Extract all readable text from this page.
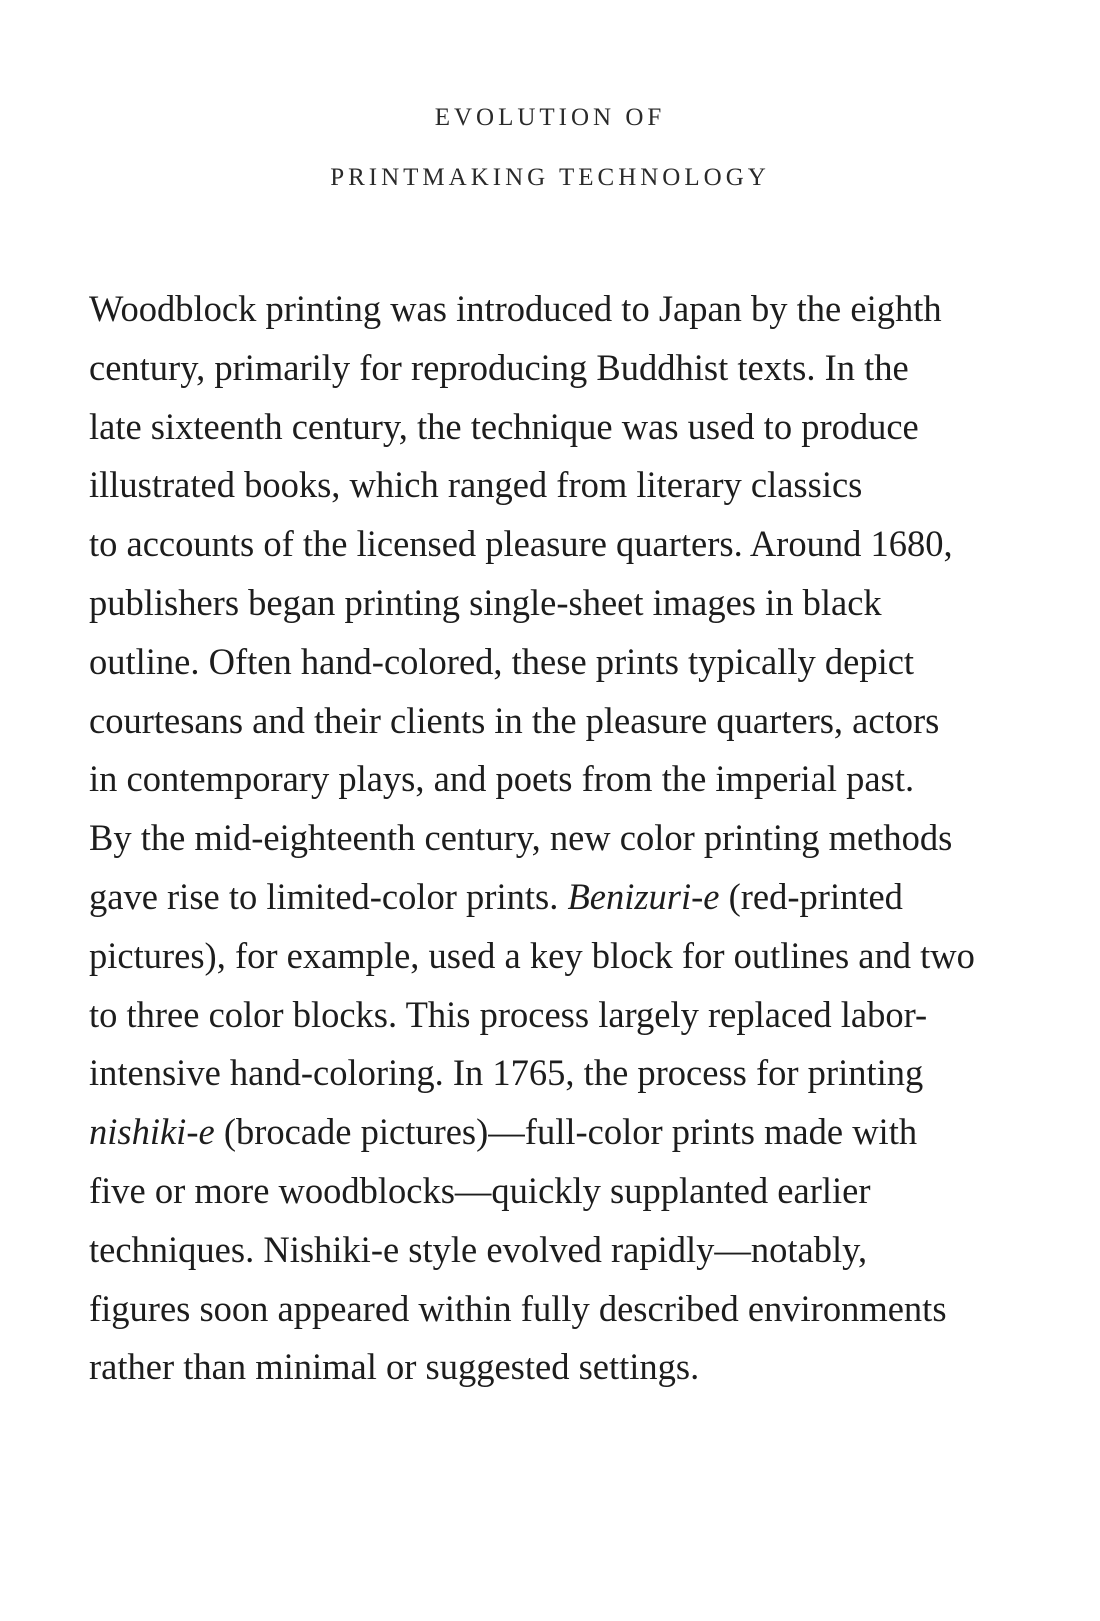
EVOLUTION OF
PRINTMAKING TECHNOLOGY
Woodblock printing was introduced to Japan by the eighth
century, primarily for reproducing Buddhist texts. In the
late sixteenth century, the technique was used to produce
illustrated books, which ranged from literary classics
to accounts of the licensed pleasure quarters. Around 1680,
publishers began printing single-sheet images in black
outline. Often hand-colored, these prints typically depict
courtesans and their clients in the pleasure quarters, actors
in contemporary plays, and poets from the imperial past.
By the mid-eighteenth century, new color printing methods
gave rise to limited-color prints. Benizuri-e (red-printed
pictures), for example, used a key block for outlines and two
to three color blocks. This process largely replaced labor-
intensive hand-coloring. In 1765, the process for printing
nishiki-e (brocade pictures)—full-color prints made with
five or more woodblocks—quickly supplanted earlier
techniques. Nishiki-e style evolved rapidly—notably,
figures soon appeared within fully described environments
rather than minimal or suggested settings.
